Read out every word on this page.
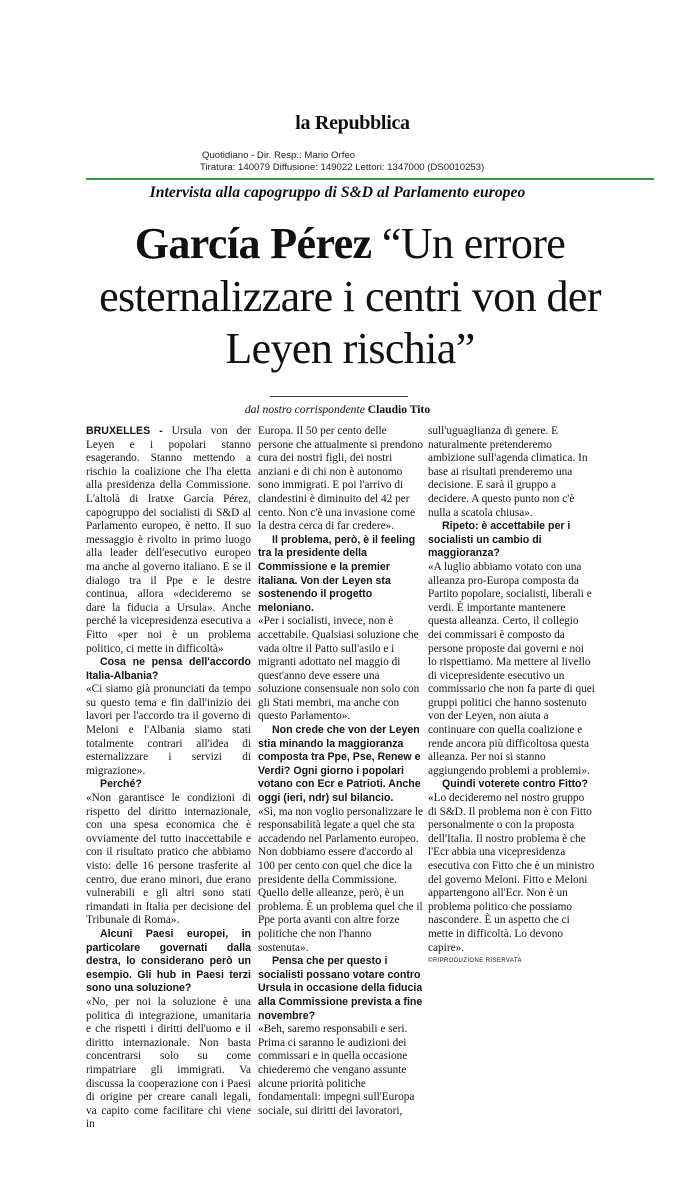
la Repubblica
Quotidiano - Dir. Resp.: Mario Orfeo
Tiratura: 140079 Diffusione: 149022 Lettori: 1347000 (DS0010253)
Intervista alla capogruppo di S&D al Parlamento europeo
García Pérez “Un errore esternalizzare i centri von der Leyen rischia”
dal nostro corrispondente Claudio Tito

BRUXELLES - Ursula von der Leyen e i popolari stanno esagerando. Stanno mettendo a rischio la coalizione che l'ha eletta alla presidenza della Commissione. L'altolà di Iratxe García Pérez, capogruppo dei socialisti di S&D al Parlamento europeo, è netto. Il suo messaggio è rivolto in primo luogo alla leader dell'esecutivo europeo ma anche al governo italiano. E se il dialogo tra il Ppe e le destre continua, allora «decideremo se dare la fiducia a Ursula». Anche perché la vicepresidenza esecutiva a Fitto «per noi è un problema politico, ci mette in difficoltà»

Cosa ne pensa dell'accordo Italia-Albania?

«Ci siamo già pronunciati da tempo su questo tema e fin dall'inizio dei lavori per l'accordo tra il governo di Meloni e l'Albania siamo stati totalmente contrari all'idea di esternalizzare i servizi di migrazione».

Perché?

«Non garantisce le condizioni di rispetto del diritto internazionale, con una spesa economica che è ovviamente del tutto inaccettabile e con il risultato pratico che abbiamo visto: delle 16 persone trasferite al centro, due erano minori, due erano vulnerabili e gli altri sono stati rimandati in Italia per decisione del Tribunale di Roma».

Alcuni Paesi europei, in particolare governati dalla destra, lo considerano però un esempio. Gli hub in Paesi terzi sono una soluzione?

«No, per noi la soluzione è una politica di integrazione, umanitaria e che rispetti i diritti dell'uomo e il diritto internazionale. Non basta concentrarsi solo su come rimpatriare gli immigrati. Va discussa la cooperazione con i Paesi di origine per creare canali legali, va capito come facilitare chi viene in

Europa. Il 50 per cento delle persone che attualmente si prendono cura dei nostri figli, dei nostri anziani e di chi non è autonomo sono immigrati. E poi l'arrivo di clandestini è diminuito del 42 per cento. Non c'è una invasione come la destra cerca di far credere».

Il problema, però, è il feeling tra la presidente della Commissione e la premier italiana. Von der Leyen sta sostenendo il progetto meloniano.

«Per i socialisti, invece, non è accettabile. Qualsiasi soluzione che vada oltre il Patto sull'asilo e i migranti adottato nel maggio di quest'anno deve essere una soluzione consensuale non solo con gli Stati membri, ma anche con questo Parlamento».

Non crede che von der Leyen stia minando la maggioranza composta tra Ppe, Pse, Renew e Verdi? Ogni giorno i popolari votano con Ecr e Patrioti. Anche oggi (ieri, ndr) sul bilancio.

«Sì, ma non voglio personalizzare le responsabilità legate a quel che sta accadendo nel Parlamento europeo. Non dobbiamo essere d'accordo al 100 per cento con quel che dice la presidente della Commissione. Quello delle alleanze, però, è un problema. È un problema quel che il Ppe porta avanti con altre forze politiche che non l'hanno sostenuta».

Pensa che per questo i socialisti possano votare contro Ursula in occasione della fiducia alla Commissione prevista a fine novembre?

«Beh, saremo responsabili e seri. Prima ci saranno le audizioni dei commissari e in quella occasione chiederemo che vengano assunte alcune priorità politiche fondamentali: impegni sull'Europa sociale, sui diritti dei lavoratori,

sull'uguaglianza di genere. E naturalmente pretenderemo ambizione sull'agenda climatica. In base ai risultati prenderemo una decisione. E sarà il gruppo a decidere. A questo punto non c'è nulla a scatola chiusa».

Ripeto: è accettabile per i socialisti un cambio di maggioranza?

«A luglio abbiamo votato con una alleanza pro-Europa composta da Partito popolare, socialisti, liberali e verdi. È importante mantenere questa alleanza. Certo, il collegio dei commissari è composto da persone proposte dai governi e noi lo rispettiamo. Ma mettere al livello di vicepresidente esecutivo un commissario che non fa parte di quei gruppi politici che hanno sostenuto von der Leyen, non aiuta a continuare con quella coalizione e rende ancora più difficoltosa questa alleanza. Per noi si stanno aggiungendo problemi a problemi».

Quindi voterete contro Fitto?

«Lo decideremo nel nostro gruppo di S&D. Il problema non è con Fitto personalmente o con la proposta dell'Italia. Il nostro problema è che l'Ecr abbia una vicepresidenza esecutiva con Fitto che è un ministro del governo Meloni. Fitto e Meloni appartengono all'Ecr. Non è un problema politico che possiamo nascondere. È un aspetto che ci mette in difficoltà. Lo devono capire».

©RIPRODUZIONE RISERVATA
